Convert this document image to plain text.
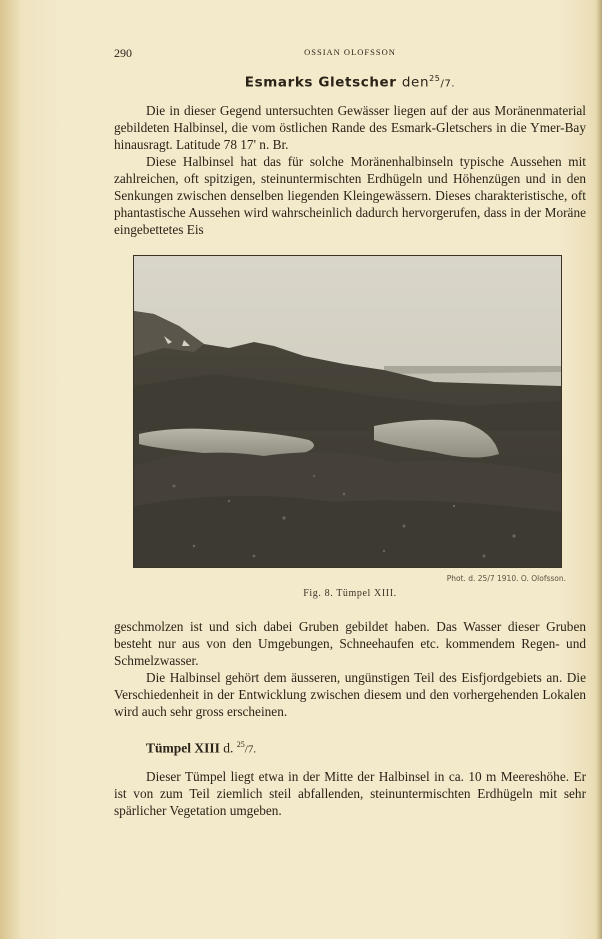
290	OSSIAN OLOFSSON
Esmarks Gletscher den$^{25}$/7.

Die in dieser Gegend untersuchten Gewässer liegen auf der aus Moränenmaterial gebildeten Halbinsel, die vom östlichen Rande des Esmark-Gletschers in die Ymer-Bay hinausragt. Latitude 78 17' n. Br.

Diese Halbinsel hat das für solche Moränenhalbinseln typische Aussehen mit zahlreichen, oft spitzigen, steinuntermischten Erdhügeln und Höhenzügen und in den Senkungen zwischen denselben liegenden Kleingewässern. Dieses charakteristische, oft phantastische Aussehen wird wahrscheinlich dadurch hervorgerufen, dass in der Moräne eingebettetes Eis

Phot. d. 25/7 1910. O. Olofsson.
Fig. 8. Tümpel XIII.

geschmolzen ist und sich dabei Gruben gebildet haben. Das Wasser dieser Gruben besteht nur aus von den Umgebungen, Schneehaufen etc. kommendem Regen- und Schmelzwasser.

Die Halbinsel gehört dem äusseren, ungünstigen Teil des Eisfjordgebiets an. Die Verschiedenheit in der Entwicklung zwischen diesem und den vorhergehenden Lokalen wird auch sehr gross erscheinen.

Tümpel XIII d. $^{25}$/7.

Dieser Tümpel liegt etwa in der Mitte der Halbinsel in ca. 10 m Meereshöhe. Er ist von zum Teil ziemlich steil abfallenden, steinuntermischten Erdhügeln mit sehr spärlicher Vegetation umgeben.
